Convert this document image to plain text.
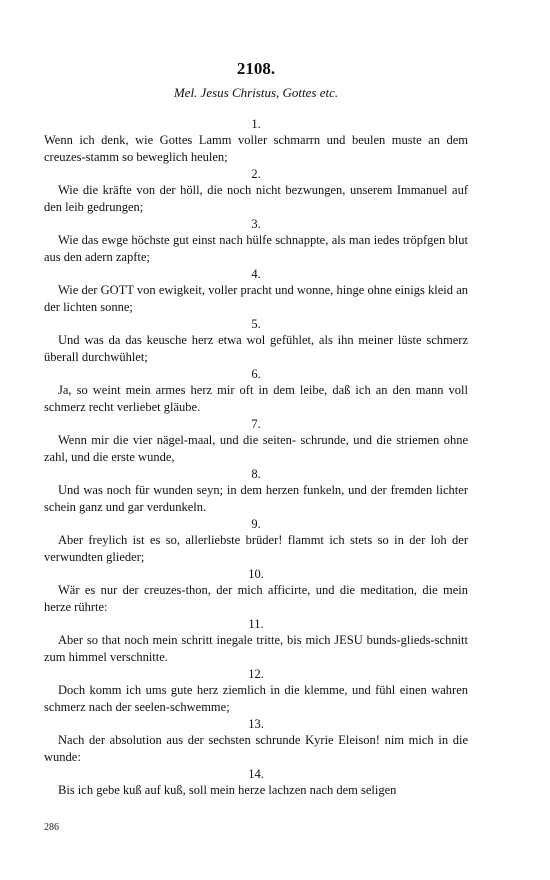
2108.
Mel. Jesus Christus, Gottes etc.
1.

Wenn ich denk, wie Gottes Lamm voller schmarrn und beulen muste an dem creuzes-stamm so beweglich heulen;

2.

Wie die kräfte von der höll, die noch nicht bezwungen, unserem Immanuel auf den leib gedrungen;

3.

Wie das ewge höchste gut einst nach hülfe schnappte, als man iedes tröpfgen blut aus den adern zapfte;

4.

Wie der GOTT von ewigkeit, voller pracht und wonne, hinge ohne einigs kleid an der lichten sonne;

5.

Und was da das keusche herz etwa wol gefühlet, als ihn meiner lüste schmerz überall durchwühlet;

6.

Ja, so weint mein armes herz mir oft in dem leibe, daß ich an den mann voll schmerz recht verliebet gläube.

7.

Wenn mir die vier nägel-maal, und die seiten- schrunde, und die striemen ohne zahl, und die erste wunde,

8.

Und was noch für wunden seyn; in dem herzen funkeln, und der fremden lichter schein ganz und gar verdunkeln.

9.

Aber freylich ist es so, allerliebste brüder! flammt ich stets so in der loh der verwundten glieder;

10.

Wär es nur der creuzes-thon, der mich afficirte, und die meditation, die mein herze rührte:

11.

Aber so that noch mein schritt inegale tritte, bis mich JESU bunds-glieds-schnitt zum himmel verschnitte.

12.

Doch komm ich ums gute herz ziemlich in die klemme, und fühl einen wahren schmerz nach der seelen-schwemme;

13.

Nach der absolution aus der sechsten schrunde Kyrie Eleison! nim mich in die wunde:

14.

Bis ich gebe kuß auf kuß, soll mein herze lachzen nach dem seligen

286
